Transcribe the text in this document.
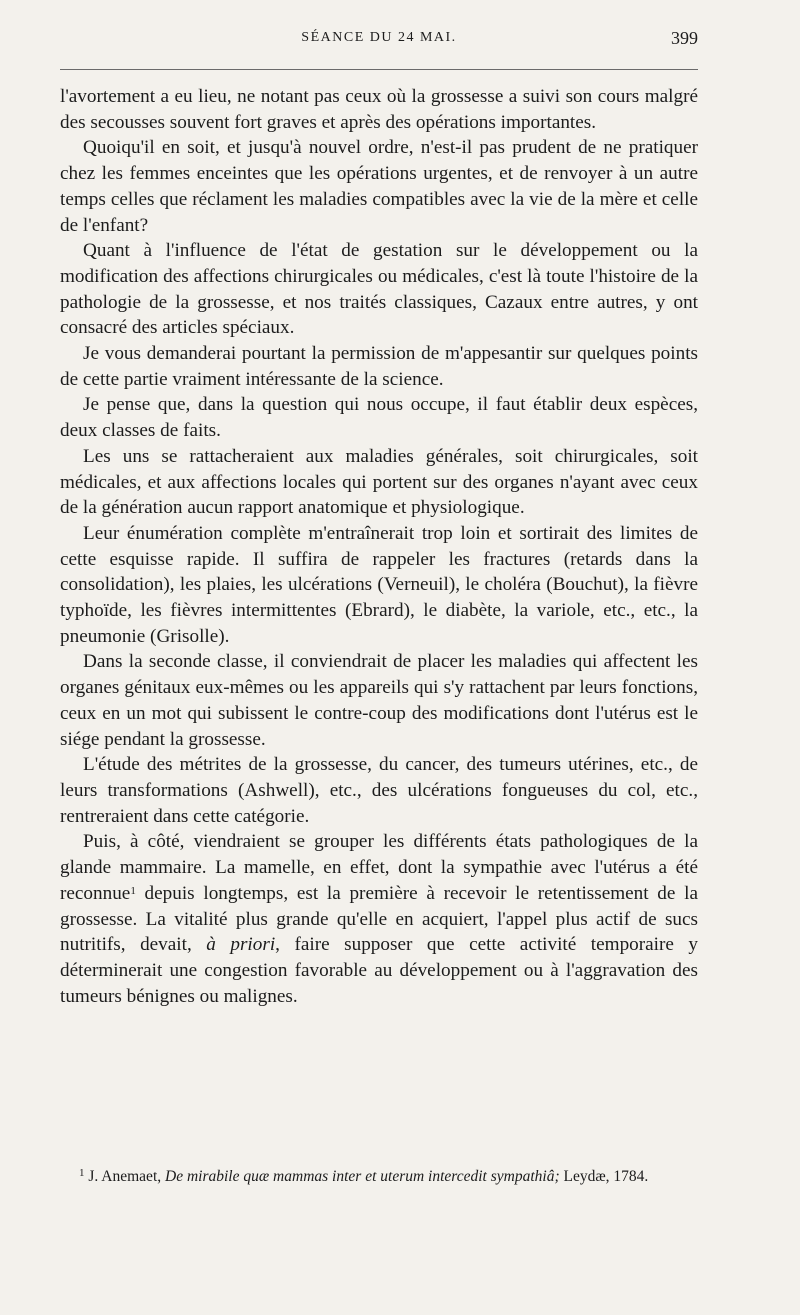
SÉANCE DU 24 MAI.	399

l'avortement a eu lieu, ne notant pas ceux où la grossesse a suivi son cours malgré des secousses souvent fort graves et après des opérations importantes.

Quoiqu'il en soit, et jusqu'à nouvel ordre, n'est-il pas prudent de ne pratiquer chez les femmes enceintes que les opérations urgentes, et de renvoyer à un autre temps celles que réclament les maladies compatibles avec la vie de la mère et celle de l'enfant?

Quant à l'influence de l'état de gestation sur le développement ou la modification des affections chirurgicales ou médicales, c'est là toute l'histoire de la pathologie de la grossesse, et nos traités classiques, Cazaux entre autres, y ont consacré des articles spéciaux.

Je vous demanderai pourtant la permission de m'appesantir sur quelques points de cette partie vraiment intéressante de la science.

Je pense que, dans la question qui nous occupe, il faut établir deux espèces, deux classes de faits.

Les uns se rattacheraient aux maladies générales, soit chirurgicales, soit médicales, et aux affections locales qui portent sur des organes n'ayant avec ceux de la génération aucun rapport anatomique et physiologique.

Leur énumération complète m'entraînerait trop loin et sortirait des limites de cette esquisse rapide. Il suffira de rappeler les fractures (retards dans la consolidation), les plaies, les ulcérations (Verneuil), le choléra (Bouchut), la fièvre typhoïde, les fièvres intermittentes (Ebrard), le diabète, la variole, etc., etc., la pneumonie (Grisolle).

Dans la seconde classe, il conviendrait de placer les maladies qui affectent les organes génitaux eux-mêmes ou les appareils qui s'y rattachent par leurs fonctions, ceux en un mot qui subissent le contre-coup des modifications dont l'utérus est le siége pendant la grossesse.

L'étude des métrites de la grossesse, du cancer, des tumeurs utérines, etc., de leurs transformations (Ashwell), etc., des ulcérations fongueuses du col, etc., rentreraient dans cette catégorie.

Puis, à côté, viendraient se grouper les différents états pathologiques de la glande mammaire. La mamelle, en effet, dont la sympathie avec l'utérus a été reconnue$^1$ depuis longtemps, est la première à recevoir le retentissement de la grossesse. La vitalité plus grande qu'elle en acquiert, l'appel plus actif de sucs nutritifs, devait, à priori, faire supposer que cette activité temporaire y déterminerait une congestion favorable au développement ou à l'aggravation des tumeurs bénignes ou malignes.

$^1$ J. Anemaet, De mirabile quæ mammas inter et uterum intercedit sympathiâ; Leydæ, 1784.
